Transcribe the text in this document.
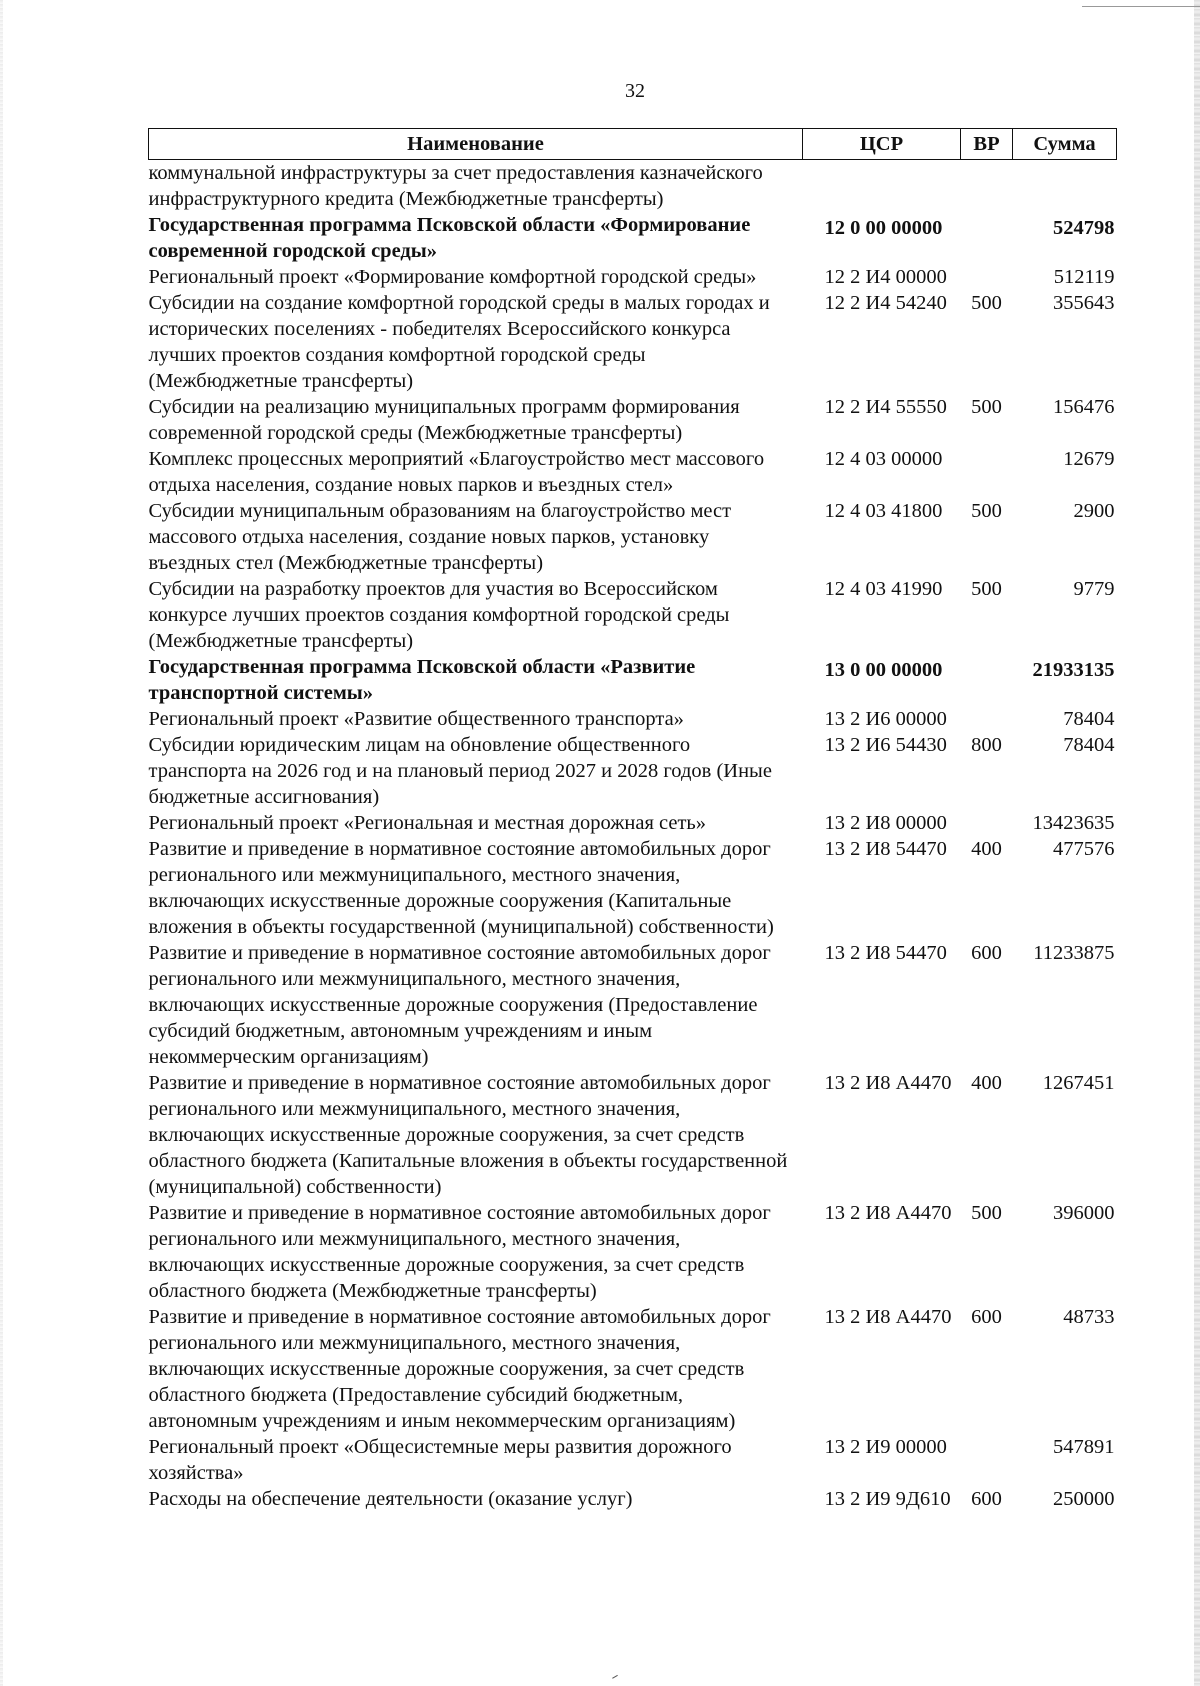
32
Наименование	ЦСР	ВР	Сумма
коммунальной инфраструктуры за счет предоставления казначейского инфраструктурного кредита (Межбюджетные трансферты)			
Государственная программа Псковской области «Формирование современной городской среды»	12 0 00 00000		524798
Региональный проект «Формирование комфортной городской среды»	12 2 И4 00000		512119
Субсидии на создание комфортной городской среды в малых городах и исторических поселениях - победителях Всероссийского конкурса лучших проектов создания комфортной городской среды (Межбюджетные трансферты)	12 2 И4 54240	500	355643
Субсидии на реализацию муниципальных программ формирования современной городской среды (Межбюджетные трансферты)	12 2 И4 55550	500	156476
Комплекс процессных мероприятий «Благоустройство мест массового отдыха населения, создание новых парков и въездных стел»	12 4 03 00000		12679
Субсидии муниципальным образованиям на благоустройство мест массового отдыха населения, создание новых парков, установку въездных стел (Межбюджетные трансферты)	12 4 03 41800	500	2900
Субсидии на разработку проектов для участия во Всероссийском конкурсе лучших проектов создания комфортной городской среды (Межбюджетные трансферты)	12 4 03 41990	500	9779
Государственная программа Псковской области «Развитие транспортной системы»	13 0 00 00000		21933135
Региональный проект «Развитие общественного транспорта»	13 2 И6 00000		78404
Субсидии юридическим лицам на обновление общественного транспорта на 2026 год и на плановый период 2027 и 2028 годов (Иные бюджетные ассигнования)	13 2 И6 54430	800	78404
Региональный проект «Региональная и местная дорожная сеть»	13 2 И8 00000		13423635
Развитие и приведение в нормативное состояние автомобильных дорог регионального или межмуниципального, местного значения, включающих искусственные дорожные сооружения (Капитальные вложения в объекты государственной (муниципальной) собственности)	13 2 И8 54470	400	477576
Развитие и приведение в нормативное состояние автомобильных дорог регионального или межмуниципального, местного значения, включающих искусственные дорожные сооружения (Предоставление субсидий бюджетным, автономным учреждениям и иным некоммерческим организациям)	13 2 И8 54470	600	11233875
Развитие и приведение в нормативное состояние автомобильных дорог регионального или межмуниципального, местного значения, включающих искусственные дорожные сооружения, за счет средств областного бюджета (Капитальные вложения в объекты государственной (муниципальной) собственности)	13 2 И8 А4470	400	1267451
Развитие и приведение в нормативное состояние автомобильных дорог регионального или межмуниципального, местного значения, включающих искусственные дорожные сооружения, за счет средств областного бюджета (Межбюджетные трансферты)	13 2 И8 А4470	500	396000
Развитие и приведение в нормативное состояние автомобильных дорог регионального или межмуниципального, местного значения, включающих искусственные дорожные сооружения, за счет средств областного бюджета (Предоставление субсидий бюджетным, автономным учреждениям и иным некоммерческим организациям)	13 2 И8 А4470	600	48733
Региональный проект «Общесистемные меры развития дорожного хозяйства»	13 2 И9 00000		547891
Расходы на обеспечение деятельности (оказание услуг)	13 2 И9 9Д610	600	250000
